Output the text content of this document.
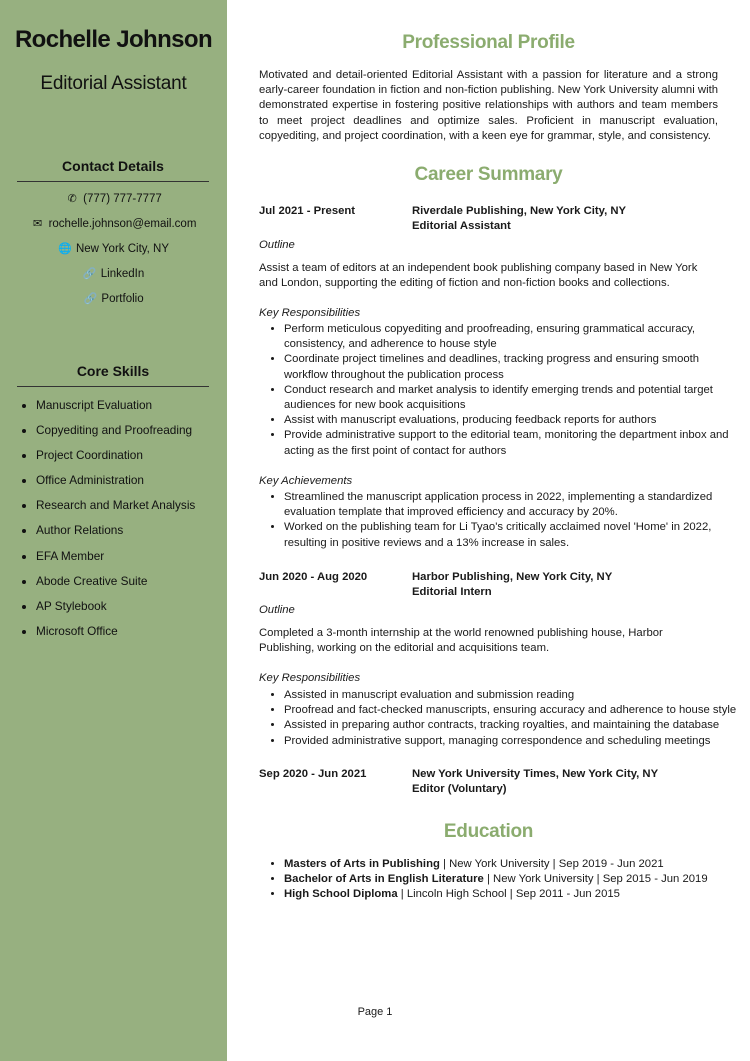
Rochelle Johnson
Editorial Assistant
Contact Details
✆ (777) 777-7777
✉ rochelle.johnson@email.com
🌐 New York City, NY
🔗 LinkedIn
🔗 Portfolio
Core Skills
• Manuscript Evaluation
• Copyediting and Proofreading
• Project Coordination
• Office Administration
• Research and Market Analysis
• Author Relations
• EFA Member
• Abode Creative Suite
• AP Stylebook
• Microsoft Office
Professional Profile

Motivated and detail-oriented Editorial Assistant with a passion for literature and a strong early-career foundation in fiction and non-fiction publishing. New York University alumni with demonstrated expertise in fostering positive relationships with authors and team members to meet project deadlines and optimize sales. Proficient in manuscript evaluation, copyediting, and project coordination, with a keen eye for grammar, style, and consistency.

Career Summary
Jul 2021 - Present	Riverdale Publishing, New York City, NY
Editorial Assistant

Outline

Assist a team of editors at an independent book publishing company based in New York and London, supporting the editing of fiction and non-fiction books and collections.

Key Responsibilities

• Perform meticulous copyediting and proofreading, ensuring grammatical accuracy, consistency, and adherence to house style
• Coordinate project timelines and deadlines, tracking progress and ensuring smooth workflow throughout the publication process
• Conduct research and market analysis to identify emerging trends and potential target audiences for new book acquisitions
• Assist with manuscript evaluations, producing feedback reports for authors
• Provide administrative support to the editorial team, monitoring the department inbox and acting as the first point of contact for authors

Key Achievements

• Streamlined the manuscript application process in 2022, implementing a standardized evaluation template that improved efficiency and accuracy by 20%.
• Worked on the publishing team for Li Tyao's critically acclaimed novel 'Home' in 2022, resulting in positive reviews and a 13% increase in sales.
Jun 2020 - Aug 2020	Harbor Publishing, New York City, NY
Editorial Intern

Outline

Completed a 3-month internship at the world renowned publishing house, Harbor Publishing, working on the editorial and acquisitions team.

Key Responsibilities

• Assisted in manuscript evaluation and submission reading
• Proofread and fact-checked manuscripts, ensuring accuracy and adherence to house style
• Assisted in preparing author contracts, tracking royalties, and maintaining the database
• Provided administrative support, managing correspondence and scheduling meetings
Sep 2020 - Jun 2021	New York University Times, New York City, NY
Editor (Voluntary)
Education
• Masters of Arts in Publishing | New York University | Sep 2019 - Jun 2021
• Bachelor of Arts in English Literature | New York University | Sep 2015 - Jun 2019
• High School Diploma | Lincoln High School | Sep 2011 - Jun 2015
Page 1
